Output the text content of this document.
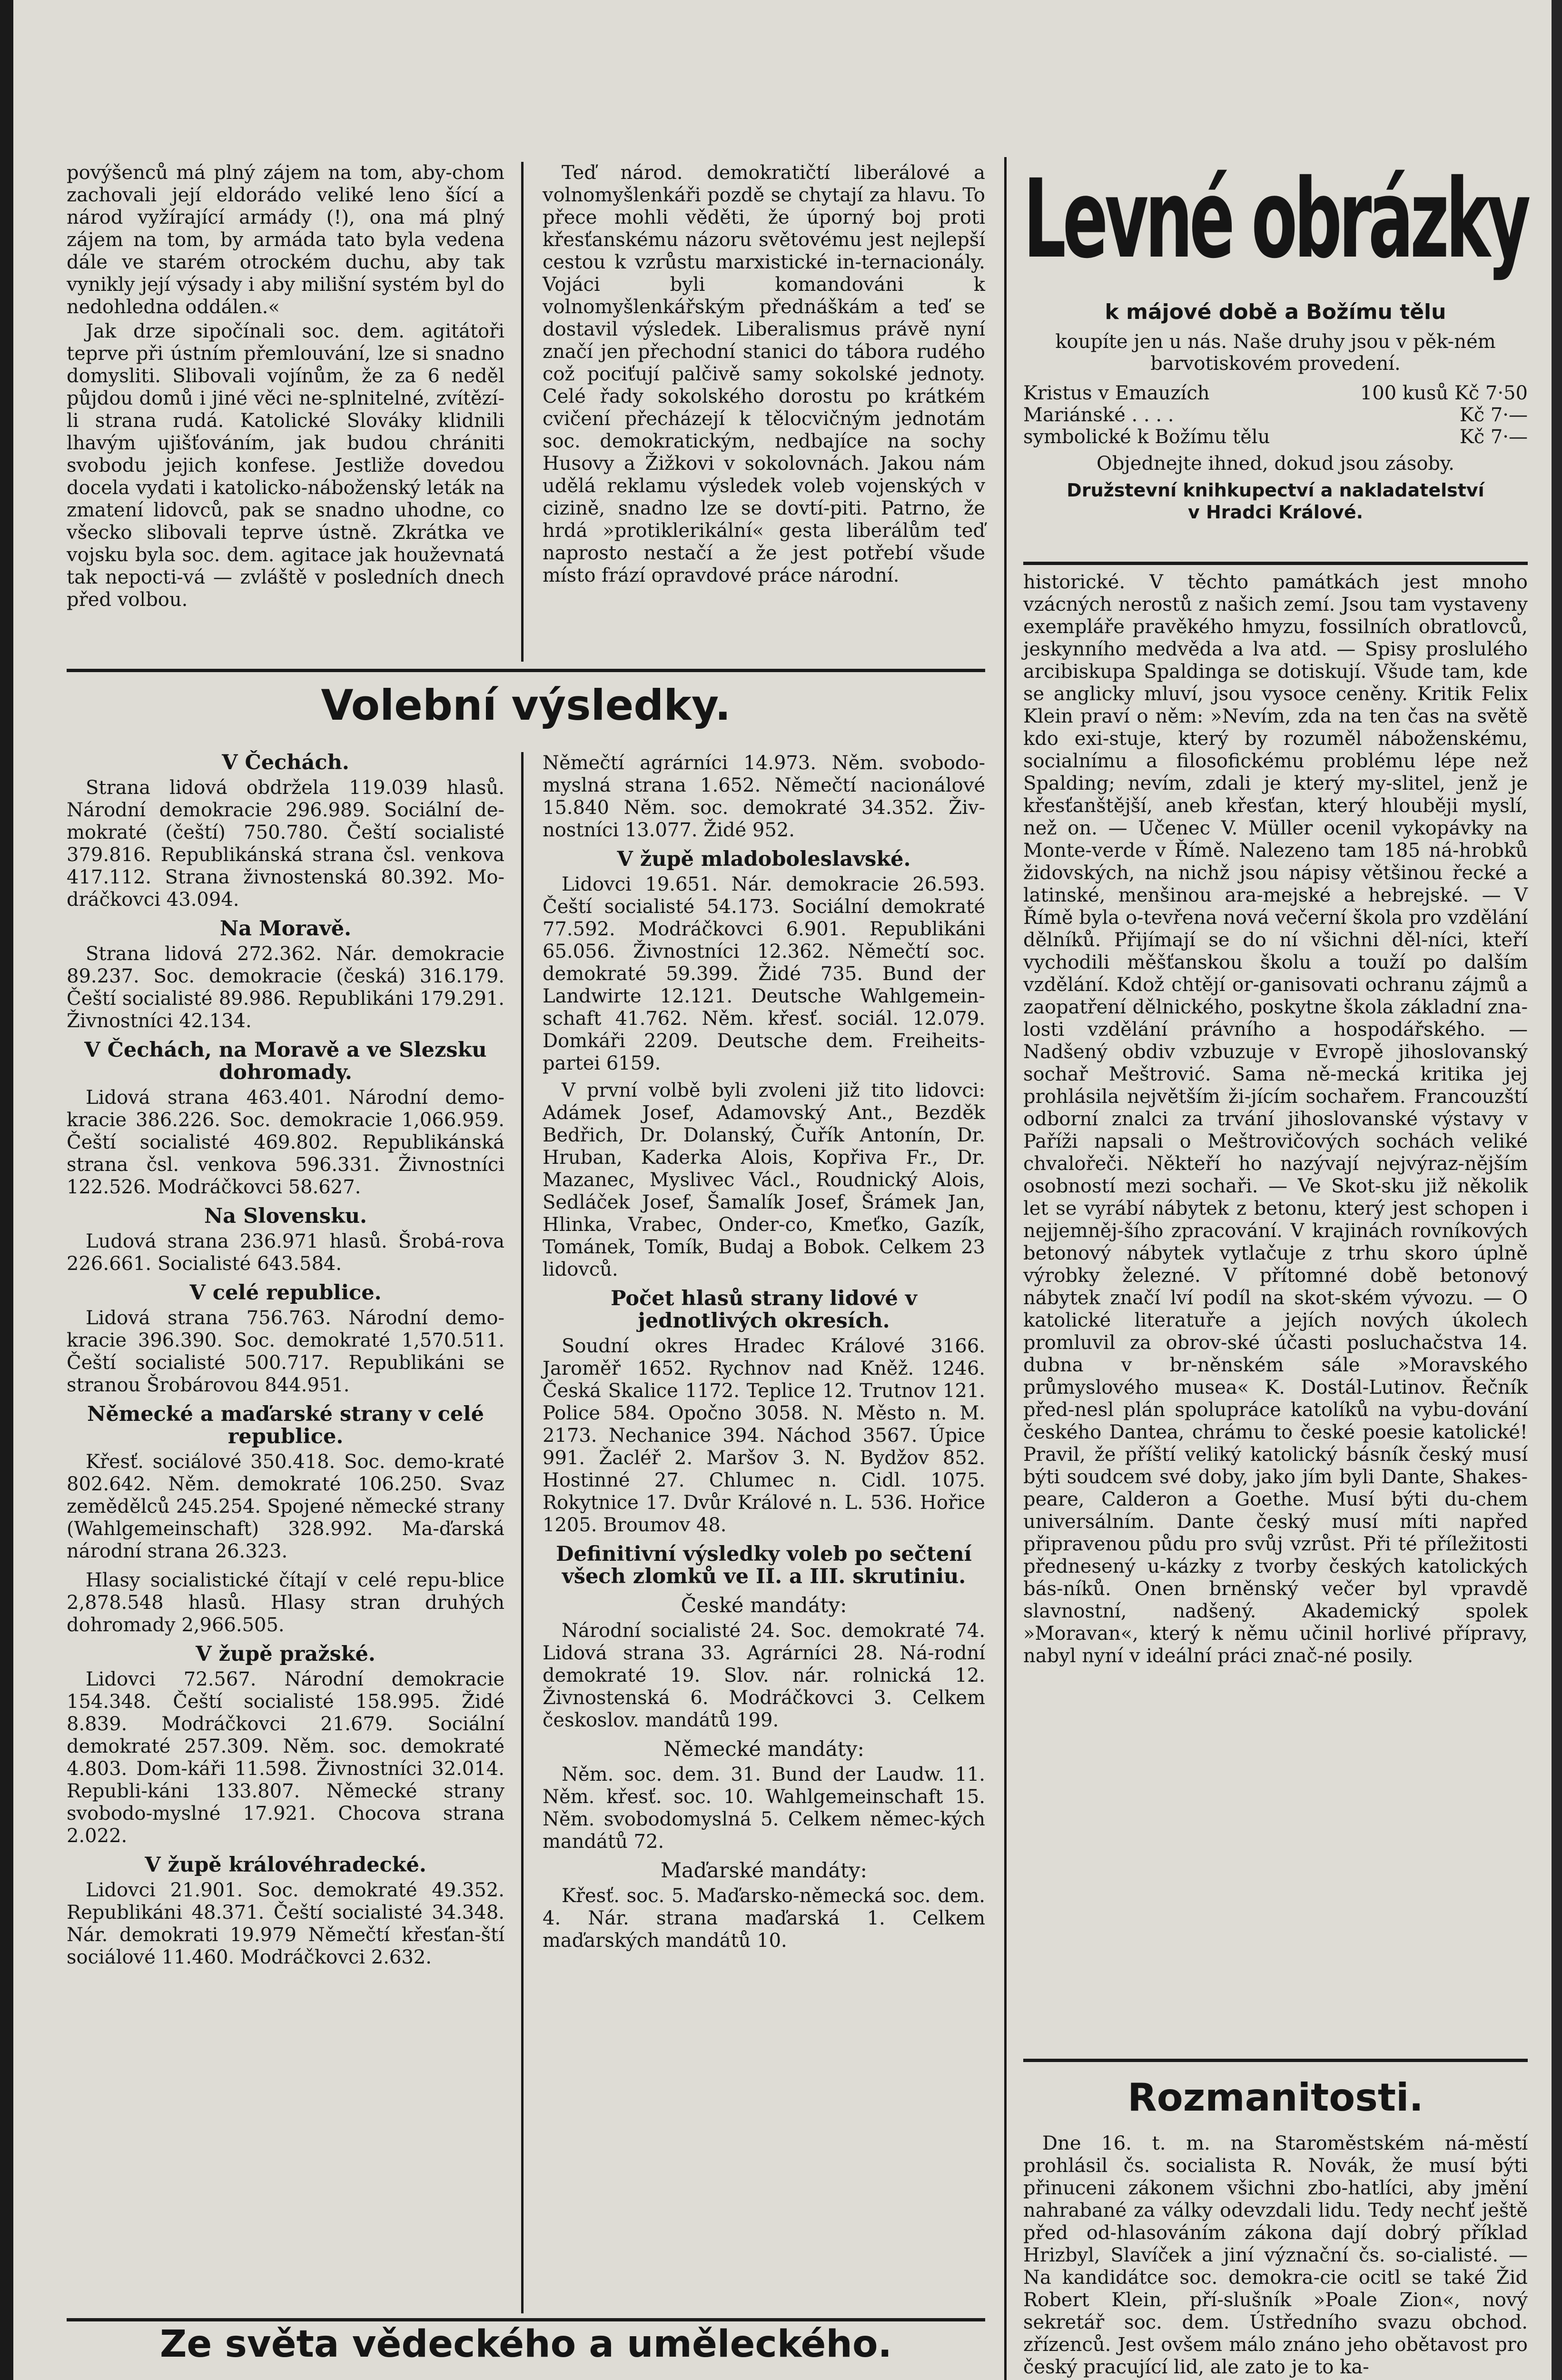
povýšenců má plný zájem na tom, aby-chom zachovali její eldorádo veliké leno šící a národ vyžírající armády (!), ona má plný zájem na tom, by armáda tato byla vedena dále ve starém otrockém duchu, aby tak vynikly její výsady i aby milišní systém byl do nedohledna oddálen.«

Jak drze sipočínali soc. dem. agitátoři teprve při ústním přemlouvání, lze si snadno domysliti. Slibovali vojínům, že za 6 neděl půjdou domů i jiné věci ne-splnitelné, zvítězí-li strana rudá. Katolické Slováky klidnili lhavým ujišťováním, jak budou chrániti svobodu jejich konfese. Jestliže dovedou docela vydati i katolicko-náboženský leták na zmatení lidovců, pak se snadno uhodne, co všecko slibovali teprve ústně. Zkrátka ve vojsku byla soc. dem. agitace jak houževnatá tak nepocti-vá — zvláště v posledních dnech před volbou.

Teď národ. demokratičtí liberálové a volnomyšlenkáři pozdě se chytají za hlavu. To přece mohli věděti, že úporný boj proti křesťanskému názoru světovému jest nejlepší cestou k vzrůstu marxistické in-ternacionály. Vojáci byli komandováni k volnomyšlenkářským přednáškám a teď se dostavil výsledek. Liberalismus právě nyní značí jen přechodní stanici do tábora rudého což pociťují palčivě samy sokolské jednoty. Celé řady sokolského dorostu po krátkém cvičení přecházejí k tělocvičným jednotám soc. demokratickým, nedbajíce na sochy Husovy a Žižkovi v sokolovnách. Jakou nám udělá reklamu výsledek voleb vojenských v cizině, snadno lze se dovtí-piti. Patrno, že hrdá »protiklerikální« gesta liberálům teď naprosto nestačí a že jest potřebí všude místo frází opravdové práce národní.

Levné obrázky
k májové době a Božímu tělu

koupíte jen u nás. Naše druhy jsou v pěk-ném barvotiskovém provedení.

Kristus v Emauzích	100 kusů Kč 7·50
Mariánské . . . .	Kč 7·—
symbolické k Božímu tělu	Kč 7·—

Objednejte ihned, dokud jsou zásoby.

Družstevní knihkupectví a nakladatelství
v Hradci Králové.

historické. V těchto památkách jest mnoho vzácných nerostů z našich zemí. Jsou tam vystaveny exempláře pravěkého hmyzu, fossilních obratlovců, jeskynního medvěda a lva atd. — Spisy proslulého arcibiskupa Spaldinga se dotiskují. Všude tam, kde se anglicky mluví, jsou vysoce ceněny. Kritik Felix Klein praví o něm: »Nevím, zda na ten čas na světě kdo exi-stuje, který by rozuměl náboženskému, socialnímu a filosofickému problému lépe než Spalding; nevím, zdali je který my-slitel, jenž je křesťanštější, aneb křesťan, který hlouběji myslí, než on. — Učenec V. Müller ocenil vykopávky na Monte-verde v Římě. Nalezeno tam 185 ná-hrobků židovských, na nichž jsou nápisy většinou řecké a latinské, menšinou ara-mejské a hebrejské. — V Římě byla o-tevřena nová večerní škola pro vzdělání dělníků. Přijímají se do ní všichni děl-níci, kteří vychodili měšťanskou školu a touží po dalším vzdělání. Kdož chtějí or-ganisovati ochranu zájmů a zaopatření dělnického, poskytne škola základní zna-losti vzdělání právního a hospodářského. — Nadšený obdiv vzbuzuje v Evropě jihoslovanský sochař Meštrović. Sama ně-mecká kritika jej prohlásila největším ži-jícím sochařem. Francouzští odborní znalci za trvání jihoslovanské výstavy v Paříži napsali o Meštrovičových sochách veliké chvalořeči. Někteří ho nazývají nejvýraz-nějším osobností mezi sochaři. — Ve Skot-sku již několik let se vyrábí nábytek z betonu, který jest schopen i nejjemněj-šího zpracování. V krajinách rovníkových betonový nábytek vytlačuje z trhu skoro úplně výrobky železné. V přítomné době betonový nábytek značí lví podíl na skot-ském vývozu. — O katolické literatuře a jejích nových úkolech promluvil za obrov-ské účasti posluchačstva 14. dubna v br-něnském sále »Moravského průmyslového musea« K. Dostál-Lutinov. Řečník před-nesl plán spolupráce katolíků na vybu-dování českého Dantea, chrámu to české poesie katolické! Pravil, že příští veliký katolický básník český musí býti soudcem své doby, jako jím byli Dante, Shakes-peare, Calderon a Goethe. Musí býti du-chem universálním. Dante český musí míti napřed připravenou půdu pro svůj vzrůst. Při té příležitosti přednesený u-kázky z tvorby českých katolických bás-níků. Onen brněnský večer byl vpravdě slavnostní, nadšený. Akademický spolek »Moravan«, který k němu učinil horlivé přípravy, nabyl nyní v ideální práci znač-né posily.

Volební výsledky.
V Čechách.

Strana lidová obdržela 119.039 hlasů. Národní demokracie 296.989. Sociální de-mokraté (čeští) 750.780. Čeští socialisté 379.816. Republikánská strana čsl. venkova 417.112. Strana živnostenská 80.392. Mo-dráčkovci 43.094.

Na Moravě.

Strana lidová 272.362. Nár. demokracie 89.237. Soc. demokracie (česká) 316.179. Čeští socialisté 89.986. Republikáni 179.291. Živnostníci 42.134.

V Čechách, na Moravě a ve Slezsku dohromady.

Lidová strana 463.401. Národní demo-kracie 386.226. Soc. demokracie 1,066.959. Čeští socialisté 469.802. Republikánská strana čsl. venkova 596.331. Živnostníci 122.526. Modráčkovci 58.627.

Na Slovensku.

Ludová strana 236.971 hlasů. Šrobá-rova 226.661. Socialisté 643.584.

V celé republice.

Lidová strana 756.763. Národní demo-kracie 396.390. Soc. demokraté 1,570.511. Čeští socialisté 500.717. Republikáni se stranou Šrobárovou 844.951.

Německé a maďarské strany v celé republice.

Křesť. sociálové 350.418. Soc. demo-kraté 802.642. Něm. demokraté 106.250. Svaz zemědělců 245.254. Spojené německé strany (Wahlgemeinschaft) 328.992. Ma-ďarská národní strana 26.323.

Hlasy socialistické čítají v celé repu-blice 2,878.548 hlasů. Hlasy stran druhých dohromady 2,966.505.

V župě pražské.

Lidovci 72.567. Národní demokracie 154.348. Čeští socialisté 158.995. Židé 8.839. Modráčkovci 21.679. Sociální demokraté 257.309. Něm. soc. demokraté 4.803. Dom-káři 11.598. Živnostníci 32.014. Republi-káni 133.807. Německé strany svobodo-myslné 17.921. Chocova strana 2.022.

V župě královéhradecké.

Lidovci 21.901. Soc. demokraté 49.352. Republikáni 48.371. Čeští socialisté 34.348. Nár. demokrati 19.979 Němečtí křesťan-ští sociálové 11.460. Modráčkovci 2.632.

Němečtí agrárníci 14.973. Něm. svobodo-myslná strana 1.652. Němečtí nacionálové 15.840 Něm. soc. demokraté 34.352. Živ-nostníci 13.077. Židé 952.

V župě mladoboleslavské.

Lidovci 19.651. Nár. demokracie 26.593. Čeští socialisté 54.173. Sociální demokraté 77.592. Modráčkovci 6.901. Republikáni 65.056. Živnostníci 12.362. Němečtí soc. demokraté 59.399. Židé 735. Bund der Landwirte 12.121. Deutsche Wahlgemein-schaft 41.762. Něm. křesť. sociál. 12.079. Domkáři 2209. Deutsche dem. Freiheits-partei 6159.

V první volbě byli zvoleni již tito lidovci: Adámek Josef, Adamovský Ant., Bezděk Bedřich, Dr. Dolanský, Čuřík Antonín, Dr. Hruban, Kaderka Alois, Kopřiva Fr., Dr. Mazanec, Myslivec Václ., Roudnický Alois, Sedláček Josef, Šamalík Josef, Šrámek Jan, Hlinka, Vrabec, Onder-co, Kmeťko, Gazík, Tománek, Tomík, Budaj a Bobok. Celkem 23 lidovců.

Počet hlasů strany lidové v jednotlivých okresích.

Soudní okres Hradec Králové 3166. Jaroměř 1652. Rychnov nad Kněž. 1246. Česká Skalice 1172. Teplice 12. Trutnov 121. Police 584. Opočno 3058. N. Město n. M. 2173. Nechanice 394. Náchod 3567. Úpice 991. Žacléř 2. Maršov 3. N. Bydžov 852. Hostinné 27. Chlumec n. Cidl. 1075. Rokytnice 17. Dvůr Králové n. L. 536. Hořice 1205. Broumov 48.

Definitivní výsledky voleb po sečtení všech zlomků ve II. a III. skrutiniu.
České mandáty:

Národní socialisté 24. Soc. demokraté 74. Lidová strana 33. Agrárníci 28. Ná-rodní demokraté 19. Slov. nár. rolnická 12. Živnostenská 6. Modráčkovci 3. Celkem českoslov. mandátů 199.

Německé mandáty:

Něm. soc. dem. 31. Bund der Laudw. 11. Něm. křesť. soc. 10. Wahlgemeinschaft 15. Něm. svobodomyslná 5. Celkem němec-kých mandátů 72.

Maďarské mandáty:

Křesť. soc. 5. Maďarsko-německá soc. dem. 4. Nár. strana maďarská 1. Celkem maďarských mandátů 10.

Ze světa vědeckého a uměleckého.

Rozmanitosti.

Dne 16. t. m. na Staroměstském ná-městí prohlásil čs. socialista R. Novák, že musí býti přinuceni zákonem všichni zbo-hatlíci, aby jmění nahrabané za války odevzdali lidu. Tedy nechť ještě před od-hlasováním zákona dají dobrý příklad Hrizbyl, Slavíček a jiní význační čs. so-cialisté. — Na kandidátce soc. demokra-cie ocitl se také Žid Robert Klein, pří-slušník »Poale Zion«, nový sekretář soc. dem. Ústředního svazu obchod. zřízenců. Jest ovšem málo znáno jeho obětavost pro český pracující lid, ale zato je to ka-
